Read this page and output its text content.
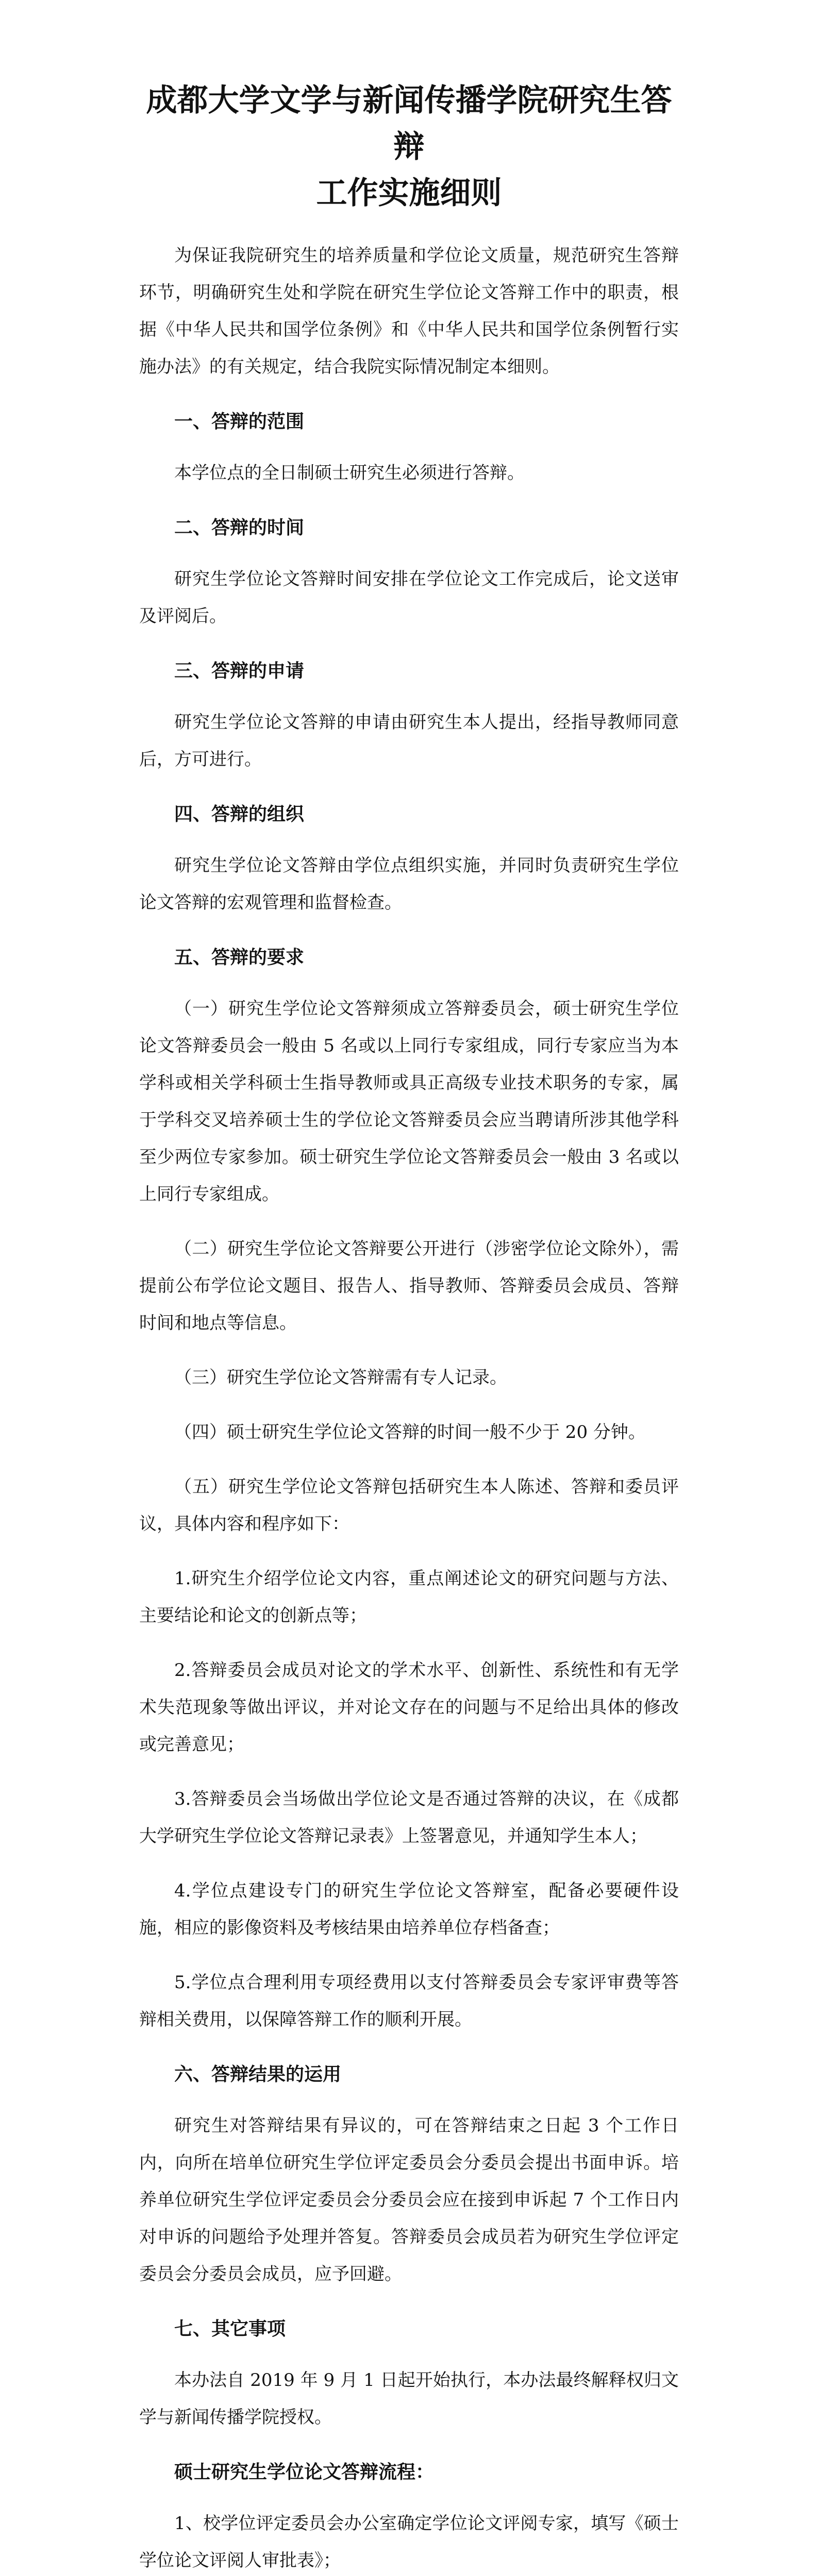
成都大学文学与新闻传播学院研究生答辩
工作实施细则

为保证我院研究生的培养质量和学位论文质量，规范研究生答辩环节，明确研究生处和学院在研究生学位论文答辩工作中的职责，根据《中华人民共和国学位条例》和《中华人民共和国学位条例暂行实施办法》的有关规定，结合我院实际情况制定本细则。

一、答辩的范围

本学位点的全日制硕士研究生必须进行答辩。

二、答辩的时间

研究生学位论文答辩时间安排在学位论文工作完成后，论文送审及评阅后。

三、答辩的申请

研究生学位论文答辩的申请由研究生本人提出，经指导教师同意后，方可进行。

四、答辩的组织

研究生学位论文答辩由学位点组织实施，并同时负责研究生学位论文答辩的宏观管理和监督检查。

五、答辩的要求

（一）研究生学位论文答辩须成立答辩委员会，硕士研究生学位论文答辩委员会一般由 5 名或以上同行专家组成，同行专家应当为本学科或相关学科硕士生指导教师或具正高级专业技术职务的专家，属于学科交叉培养硕士生的学位论文答辩委员会应当聘请所涉其他学科至少两位专家参加。硕士研究生学位论文答辩委员会一般由 3 名或以上同行专家组成。

（二）研究生学位论文答辩要公开进行（涉密学位论文除外），需提前公布学位论文题目、报告人、指导教师、答辩委员会成员、答辩时间和地点等信息。

（三）研究生学位论文答辩需有专人记录。

（四）硕士研究生学位论文答辩的时间一般不少于 20 分钟。

（五）研究生学位论文答辩包括研究生本人陈述、答辩和委员评议，具体内容和程序如下：

1.研究生介绍学位论文内容，重点阐述论文的研究问题与方法、主要结论和论文的创新点等；

2.答辩委员会成员对论文的学术水平、创新性、系统性和有无学术失范现象等做出评议，并对论文存在的问题与不足给出具体的修改或完善意见；

3.答辩委员会当场做出学位论文是否通过答辩的决议，在《成都大学研究生学位论文答辩记录表》上签署意见，并通知学生本人；

4.学位点建设专门的研究生学位论文答辩室，配备必要硬件设施，相应的影像资料及考核结果由培养单位存档备查；

5.学位点合理利用专项经费用以支付答辩委员会专家评审费等答辩相关费用，以保障答辩工作的顺利开展。

六、答辩结果的运用

研究生对答辩结果有异议的，可在答辩结束之日起 3 个工作日内，向所在培单位研究生学位评定委员会分委员会提出书面申诉。培养单位研究生学位评定委员会分委员会应在接到申诉起 7 个工作日内对申诉的问题给予处理并答复。答辩委员会成员若为研究生学位评定委员会分委员会成员，应予回避。

七、其它事项

本办法自 2019 年 9 月 1 日起开始执行，本办法最终解释权归文学与新闻传播学院授权。

硕士研究生学位论文答辩流程：

1、校学位评定委员会办公室确定学位论文评阅专家，填写《硕士学位论文评阅人审批表》；
